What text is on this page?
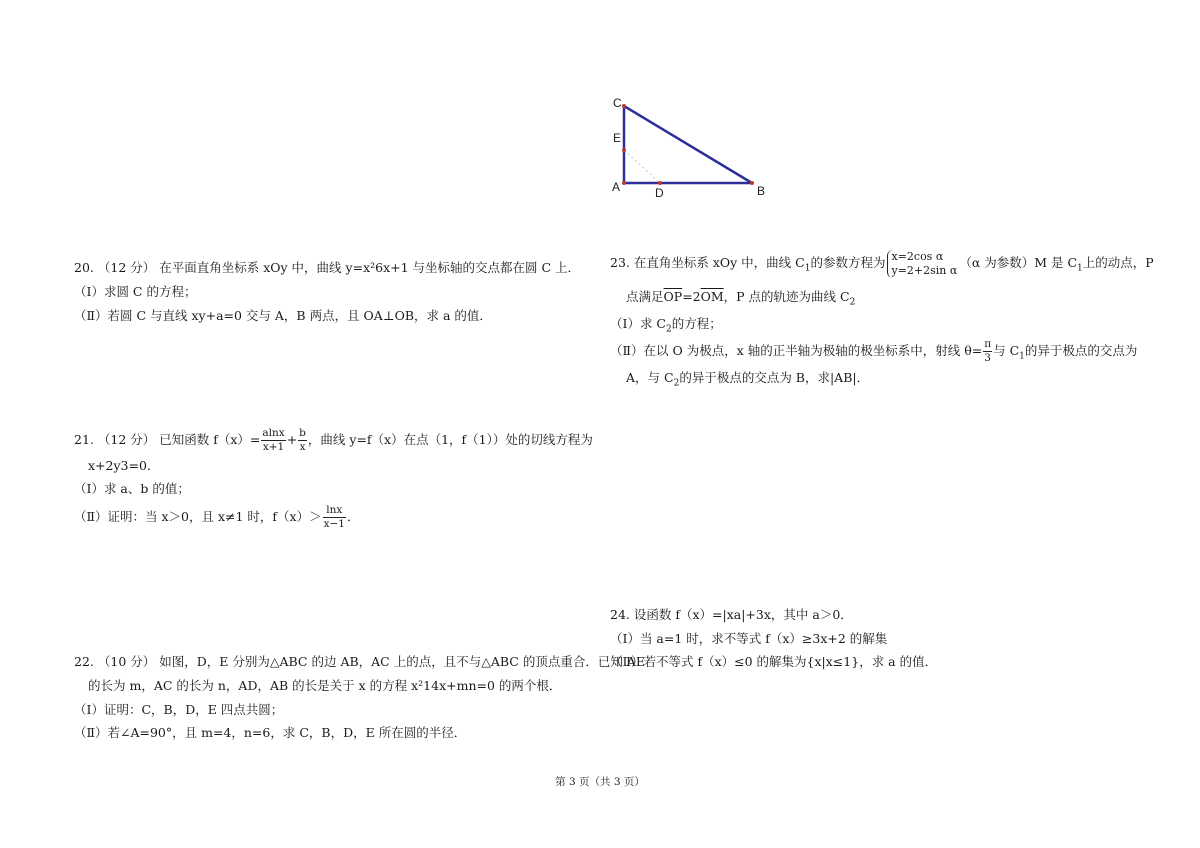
C
E
A	D	B
20. （12 分） 在平面直角坐标系 xOy 中，曲线 y=x²⁦6x+1 与坐标轴的交点都在圆 C 上．
（Ⅰ）求圆 C 的方程；
（Ⅱ）若圆 C 与直线 x⁦y+a=0 交与 A，B 两点，且 OA⊥OB，求 a 的值．
21. （12 分） 已知函数 $f(x)= \frac{alnx}{x+1} + \frac{b}{x}$ ，曲线 y=f（x）在点（1，f（1））处的切线方程为
x+2y⁦3=0．
（Ⅰ）求 a、b 的值；
（Ⅱ）证明：当 x＞0，且 x≠1 时，$f(x)> \frac{\ln x}{x-1}$ ．
22. （10 分） 如图，D，E 分别为△ABC 的边 AB，AC 上的点，且不与△ABC 的顶点重合．已知 AE
的长为 m，AC 的长为 n，AD，AB 的长是关于 x 的方程 x²⁦14x+mn=0 的两个根．
（Ⅰ）证明：C，B，D，E 四点共圆；
（Ⅱ）若∠A=90°，且 m=4，n=6，求 C，B，D，E 所在圆的半径．
23. 在直角坐标系 xOy 中，曲线 $C_1$的参数方程为 x=2cos α
y=2+2sin α （α 为参数）M 是 $C_1$上的动点，P
点满足$\overline{OP}=2\overline{OM}$，P 点的轨迹为曲线 $C_2$
（Ⅰ）求 $C_2$的方程；
（Ⅱ）在以 O 为极点，x 轴的正半轴为极轴的极坐标系中，射线 $\theta= \frac{\pi}{3}$ 与 $C_1$的异于极点的交点为
A，与 $C_2$的异于极点的交点为 B，求|AB|．
24. 设函数 f（x）=|x⁦a|+3x，其中 a＞0．
（Ⅰ）当 a=1 时，求不等式 f（x）≥3x+2 的解集
（Ⅱ）若不等式 f（x）≤0 的解集为{x|x≤⁦1}，求 a 的值．
第 3 页（共 3 页）
